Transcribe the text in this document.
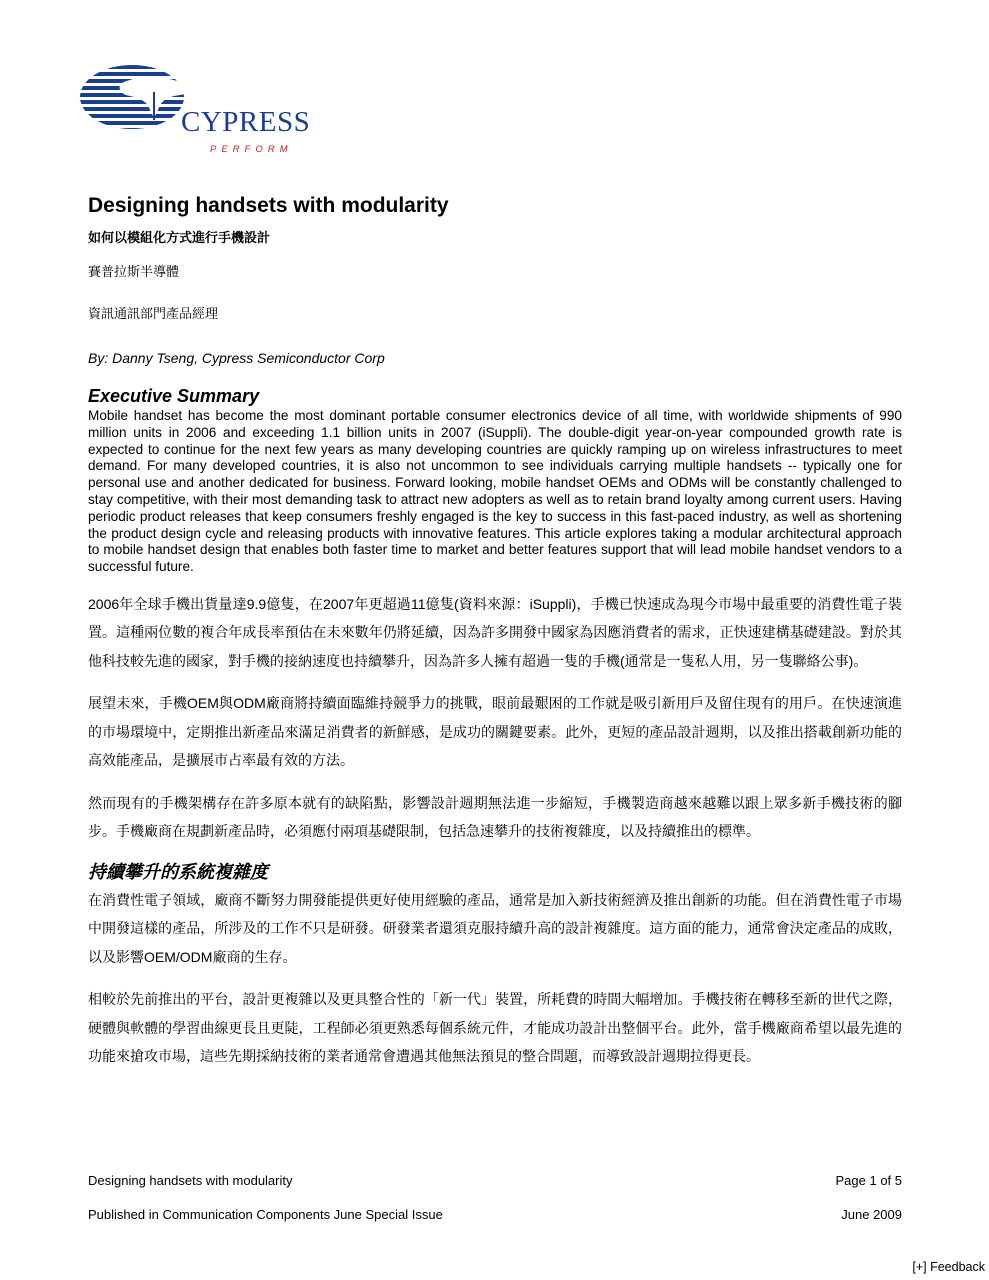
CYPRESS
PERFORM
Designing handsets with modularity

如何以模組化方式進行手機設計

賽普拉斯半導體

資訊通訊部門產品經理

By: Danny Tseng, Cypress Semiconductor Corp

Executive Summary

Mobile handset has become the most dominant portable consumer electronics device of all time, with worldwide shipments of 990 million units in 2006 and exceeding 1.1 billion units in 2007 (iSuppli). The double-digit year-on-year compounded growth rate is expected to continue for the next few years as many developing countries are quickly ramping up on wireless infrastructures to meet demand. For many developed countries, it is also not uncommon to see individuals carrying multiple handsets -- typically one for personal use and another dedicated for business. Forward looking, mobile handset OEMs and ODMs will be constantly challenged to stay competitive, with their most demanding task to attract new adopters as well as to retain brand loyalty among current users. Having periodic product releases that keep consumers freshly engaged is the key to success in this fast-paced industry, as well as shortening the product design cycle and releasing products with innovative features. This article explores taking a modular architectural approach to mobile handset design that enables both faster time to market and better features support that will lead mobile handset vendors to a successful future.

2006年全球手機出貨量達9.9億隻，在2007年更超過11億隻(資料來源：iSuppli)，手機已快速成為現今市場中最重要的消費性電子裝置。這種兩位數的複合年成長率預估在未來數年仍將延續，因為許多開發中國家為因應消費者的需求，正快速建構基礎建設。對於其他科技較先進的國家，對手機的接納速度也持續攀升，因為許多人擁有超過一隻的手機(通常是一隻私人用，另一隻聯絡公事)。

展望未來，手機OEM與ODM廠商將持續面臨維持競爭力的挑戰，眼前最艱困的工作就是吸引新用戶及留住現有的用戶。在快速演進的市場環境中，定期推出新產品來滿足消費者的新鮮感，是成功的關鍵要素。此外，更短的產品設計週期，以及推出搭載創新功能的高效能產品，是擴展市占率最有效的方法。

然而現有的手機架構存在許多原本就有的缺陷點，影響設計週期無法進一步縮短，手機製造商越來越難以跟上眾多新手機技術的腳步。手機廠商在規劃新產品時，必須應付兩項基礎限制，包括急速攀升的技術複雜度，以及持續推出的標準。

持續攀升的系統複雜度

在消費性電子領域，廠商不斷努力開發能提供更好使用經驗的產品，通常是加入新技術經濟及推出創新的功能。但在消費性電子市場中開發這樣的產品，所涉及的工作不只是研發。研發業者還須克服持續升高的設計複雜度。這方面的能力，通常會決定產品的成敗，以及影響OEM/ODM廠商的生存。

相較於先前推出的平台，設計更複雜以及更具整合性的「新一代」裝置，所耗費的時間大幅增加。手機技術在轉移至新的世代之際，硬體與軟體的學習曲線更長且更陡，工程師必須更熟悉每個系統元件，才能成功設計出整個平台。此外，當手機廠商希望以最先進的功能來搶攻市場，這些先期採納技術的業者通常會遭遇其他無法預見的整合問題，而導致設計週期拉得更長。

Designing handsets with modularity	Page 1 of 5
Published in Communication Components June Special Issue	June 2009
[+] Feedback
